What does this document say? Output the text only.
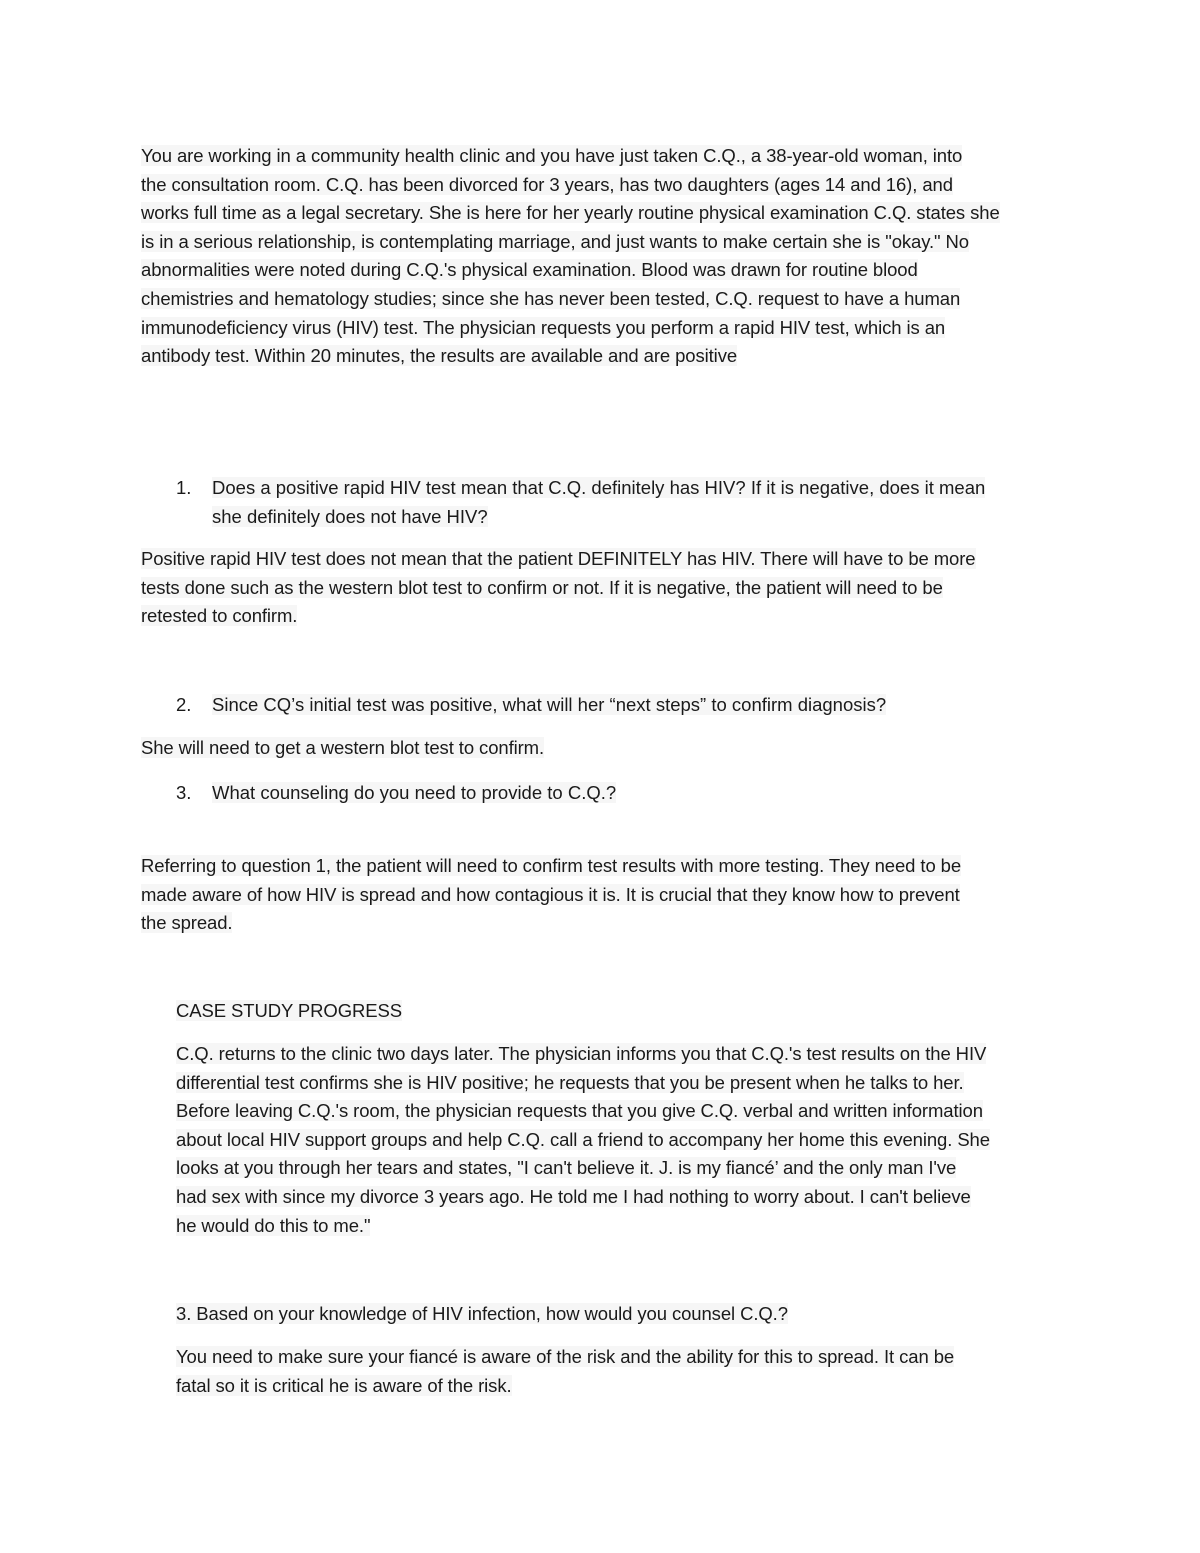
You are working in a community health clinic and you have just taken C.Q., a 38-year-old woman, into
the consultation room. C.Q. has been divorced for 3 years, has two daughters (ages 14 and 16), and
works full time as a legal secretary. She is here for her yearly routine physical examination C.Q. states she
is in a serious relationship, is contemplating marriage, and just wants to make certain she is "okay." No
abnormalities were noted during C.Q.'s physical examination. Blood was drawn for routine blood
chemistries and hematology studies; since she has never been tested, C.Q. request to have a human
immunodeficiency virus (HIV) test. The physician requests you perform a rapid HIV test, which is an
antibody test. Within 20 minutes, the results are available and are positive
1. Does a positive rapid HIV test mean that C.Q. definitely has HIV? If it is negative, does it mean
she definitely does not have HIV?
Positive rapid HIV test does not mean that the patient DEFINITELY has HIV. There will have to be more
tests done such as the western blot test to confirm or not. If it is negative, the patient will need to be
retested to confirm.
2. Since CQ’s initial test was positive, what will her “next steps” to confirm diagnosis?
She will need to get a western blot test to confirm.
3. What counseling do you need to provide to C.Q.?
Referring to question 1, the patient will need to confirm test results with more testing. They need to be
made aware of how HIV is spread and how contagious it is. It is crucial that they know how to prevent
the spread.
CASE STUDY PROGRESS
C.Q. returns to the clinic two days later. The physician informs you that C.Q.'s test results on the HIV
differential test confirms she is HIV positive; he requests that you be present when he talks to her.
Before leaving C.Q.'s room, the physician requests that you give C.Q. verbal and written information
about local HIV support groups and help C.Q. call a friend to accompany her home this evening. She
looks at you through her tears and states, "I can't believe it. J. is my fiancé’ and the only man I've
had sex with since my divorce 3 years ago. He told me I had nothing to worry about. I can't believe
he would do this to me."
3. Based on your knowledge of HIV infection, how would you counsel C.Q.?
You need to make sure your fiancé is aware of the risk and the ability for this to spread. It can be
fatal so it is critical he is aware of the risk.
